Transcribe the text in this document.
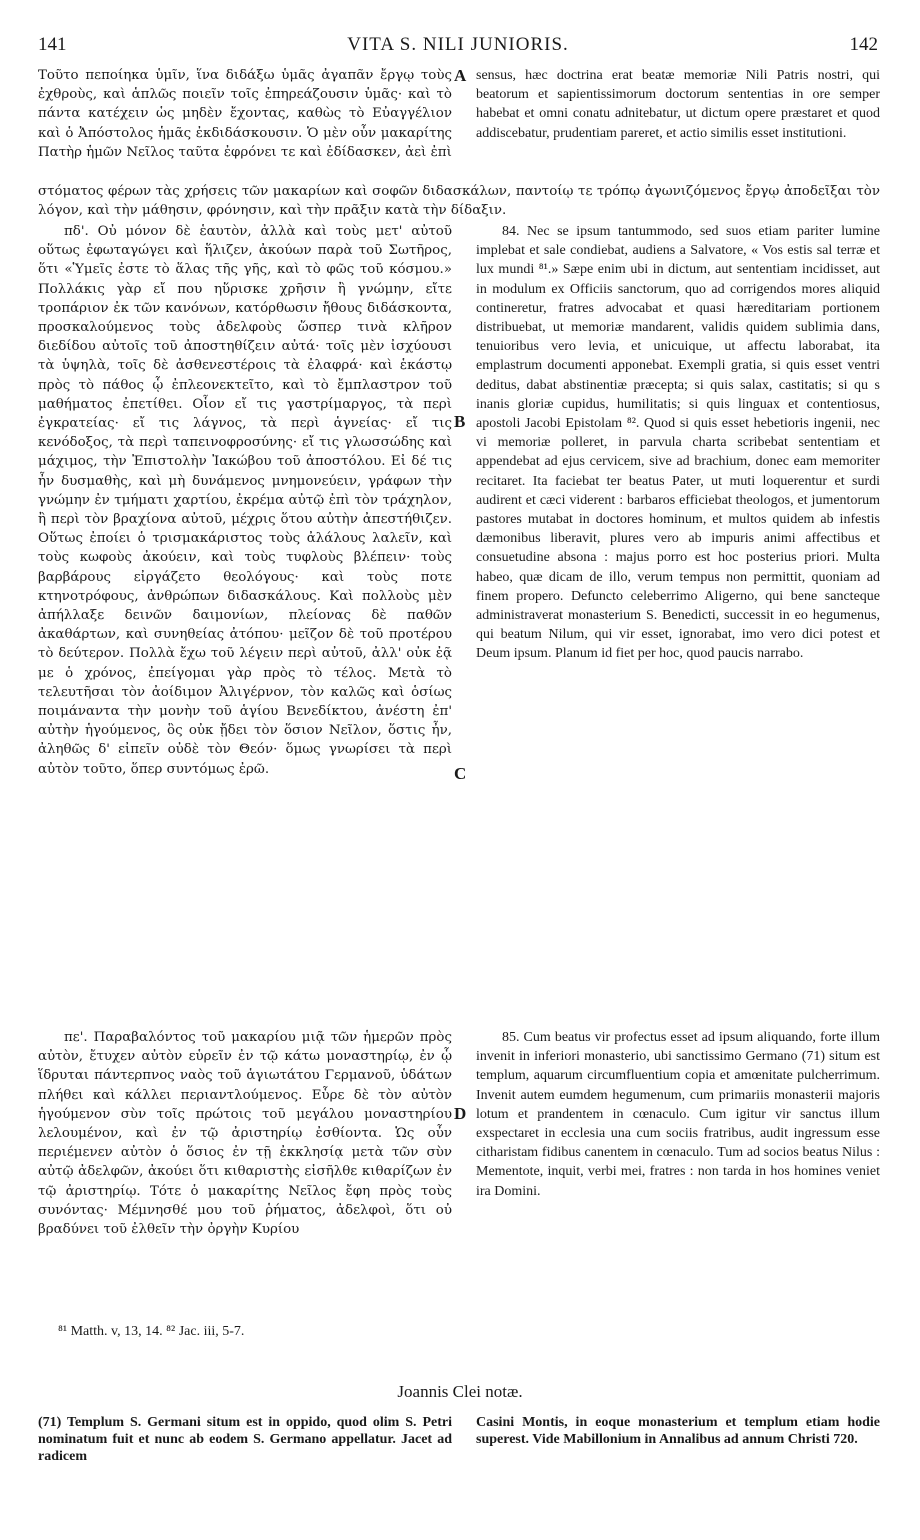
141	VITA S. NILI JUNIORIS.	142

Τοῦτο πεποίηκα ὑμῖν, ἵνα διδάξω ὑμᾶς ἀγαπᾶν ἔργῳ τοὺς ἐχθροὺς, καὶ ἁπλῶς ποιεῖν τοῖς ἐπηρεάζουσιν ὑμᾶς· καὶ τὸ πάντα κατέχειν ὡς μηδὲν ἔχοντας, καθὼς τὸ Εὐαγγέλιον καὶ ὁ Ἀπόστολος ἡμᾶς ἐκδιδάσκουσιν. Ὁ μὲν οὖν μακαρίτης Πατὴρ ἡμῶν Νεῖλος ταῦτα ἐφρόνει τε καὶ ἐδίδασκεν, ἀεὶ ἐπὶ

A sensus, hæc doctrina erat beatæ memoriæ Nili Patris nostri, qui beatorum et sapientissimorum doctorum sententias in ore semper habebat et omni conatu adnitebatur, ut dictum opere præstaret et quod addiscebatur, prudentiam pareret, et actio similis esset institutioni.

στόματος φέρων τὰς χρήσεις τῶν μακαρίων καὶ σοφῶν διδασκάλων, παντοίῳ τε τρόπῳ ἀγωνιζόμενος ἔργῳ ἀποδεῖξαι τὸν λόγον, καὶ τὴν μάθησιν, φρόνησιν, καὶ τὴν πρᾶξιν κατὰ τὴν δίδαξιν.

πδ'. Οὐ μόνον δὲ ἑαυτὸν, ἀλλὰ καὶ τοὺς μετ' αὐτοῦ οὕτως ἐφωταγώγει καὶ ἥλιζεν, ἀκούων παρὰ τοῦ Σωτῆρος, ὅτι «Ὑμεῖς ἐστε τὸ ἅλας τῆς γῆς, καὶ τὸ φῶς τοῦ κόσμου.» Πολλάκις γὰρ εἴ που ηὕρισκε χρῆσιν ἢ γνώμην, εἴτε τροπάριον ἐκ τῶν κανόνων, κατόρθωσιν ἤθους διδάσκοντα, προσκαλούμενος τοὺς ἀδελφοὺς ὥσπερ τινὰ κλῆρον διεδίδου αὐτοῖς τοῦ ἀποστηθίζειν αὐτά· τοῖς μὲν ἰσχύουσι τὰ ὑψηλὰ, τοῖς δὲ ἀσθενεστέροις τὰ ἐλαφρά· καὶ ἑκάστῳ πρὸς τὸ πάθος ᾧ ἐπλεονεκτεῖτο, καὶ τὸ ἔμπλαστρον τοῦ μαθήματος ἐπετίθει. Οἷον εἴ τις γαστρίμαργος, τὰ περὶ ἐγκρατείας· εἴ τις λάγνος, τὰ περὶ ἁγνείας· εἴ τις κενόδοξος, τὰ περὶ ταπεινοφροσύνης· εἴ τις γλωσσώδης καὶ μάχιμος, τὴν Ἐπιστολὴν Ἰακώβου τοῦ ἀποστόλου. Εἰ δέ τις ἦν δυσμαθὴς, καὶ μὴ δυνάμενος μνημονεύειν, γράφων τὴν γνώμην ἐν τμήματι χαρτίου, ἐκρέμα αὐτῷ ἐπὶ τὸν τράχηλον, ἢ περὶ τὸν βραχίονα αὐτοῦ, μέχρις ὅτου αὐτὴν ἀπεστήθιζεν. Οὕτως ἐποίει ὁ τρισμακάριστος τοὺς ἀλάλους λαλεῖν, καὶ τοὺς κωφοὺς ἀκούειν, καὶ τοὺς τυφλοὺς βλέπειν· τοὺς βαρβάρους εἰργάζετο θεολόγους· καὶ τοὺς ποτε κτηνοτρόφους, ἀνθρώπων διδασκάλους. Καὶ πολλοὺς μὲν ἀπήλλαξε δεινῶν δαιμονίων, πλείονας δὲ παθῶν ἀκαθάρτων, καὶ συνηθείας ἀτόπου· μεῖζον δὲ τοῦ προτέρου τὸ δεύτερον. Πολλὰ ἔχω τοῦ λέγειν περὶ αὐτοῦ, ἀλλ' οὐκ ἐᾷ με ὁ χρόνος, ἐπείγομαι γὰρ πρὸς τὸ τέλος. Μετὰ τὸ τελευτῆσαι τὸν ἀοίδιμον Ἀλιγέρνον, τὸν καλῶς καὶ ὁσίως ποιμάναντα τὴν μονὴν τοῦ ἁγίου Βενεδίκτου, ἀνέστη ἐπ' αὐτὴν ἡγούμενος, ὃς οὐκ ᾔδει τὸν ὅσιον Νεῖλον, ὅστις ἦν, ἀληθῶς δ' εἰπεῖν οὐδὲ τὸν Θεόν· ὅμως γνωρίσει τὰ περὶ αὐτὸν τοῦτο, ὅπερ συντόμως ἐρῶ.

B
C

84. Nec se ipsum tantummodo, sed suos etiam pariter lumine implebat et sale condiebat, audiens a Salvatore, « Vos estis sal terræ et lux mundi ⁸¹.» Sæpe enim ubi in dictum, aut sententiam incidisset, aut in modulum ex Officiis sanctorum, quo ad corrigendos mores aliquid contineretur, fratres advocabat et quasi hæreditariam portionem distribuebat, ut memoriæ mandarent, validis quidem sublimia dans, tenuioribus vero levia, et unicuique, ut affectu laborabat, ita emplastrum documenti apponebat. Exempli gratia, si quis esset ventri deditus, dabat abstinentiæ præcepta; si quis salax, castitatis; si qu s inanis gloriæ cupidus, humilitatis; si quis linguax et contentiosus, apostoli Jacobi Epistolam ⁸². Quod si quis esset hebetioris ingenii, nec vi memoriæ polleret, in parvula charta scribebat sententiam et appendebat ad ejus cervicem, sive ad brachium, donec eam memoriter recitaret. Ita faciebat ter beatus Pater, ut muti loquerentur et surdi audirent et cæci viderent : barbaros efficiebat theologos, et jumentorum pastores mutabat in doctores hominum, et multos quidem ab infestis dæmonibus liberavit, plures vero ab impuris animi affectibus et consuetudine absona : majus porro est hoc posterius priori. Multa habeo, quæ dicam de illo, verum tempus non permittit, quoniam ad finem propero. Defuncto celeberrimo Aligerno, qui bene sancteque administraverat monasterium S. Benedicti, successit in eo hegumenus, qui beatum Nilum, qui vir esset, ignorabat, imo vero dici potest et Deum ipsum. Planum id fiet per hoc, quod paucis narrabo.

πε'. Παραβαλόντος τοῦ μακαρίου μιᾷ τῶν ἡμερῶν πρὸς αὐτὸν, ἔτυχεν αὐτὸν εὑρεῖν ἐν τῷ κάτω μοναστηρίῳ, ἐν ᾧ ἵδρυται πάντερπνος ναὸς τοῦ ἁγιωτάτου Γερμανοῦ, ὑδάτων πλήθει καὶ κάλλει περιαντλούμενος. Εὗρε δὲ τὸν αὐτὸν ἡγούμενον σὺν τοῖς πρώτοις τοῦ μεγάλου μοναστηρίου λελουμένον, καὶ ἐν τῷ ἀριστηρίῳ ἐσθίοντα. Ὡς οὖν περιέμενεν αὐτὸν ὁ ὅσιος ἐν τῇ ἐκκλησίᾳ μετὰ τῶν σὺν αὐτῷ ἀδελφῶν, ἀκούει ὅτι κιθαριστὴς εἰσῆλθε κιθαρίζων ἐν τῷ ἀριστηρίῳ. Τότε ὁ μακαρίτης Νεῖλος ἔφη πρὸς τοὺς συνόντας· Μέμνησθέ μου τοῦ ῥήματος, ἀδελφοὶ, ὅτι οὐ βραδύνει τοῦ ἐλθεῖν τὴν ὀργὴν Κυρίου

D

85. Cum beatus vir profectus esset ad ipsum aliquando, forte illum invenit in inferiori monasterio, ubi sanctissimo Germano (71) situm est templum, aquarum circumfluentium copia et amœnitate pulcherrimum. Invenit autem eumdem hegumenum, cum primariis monasterii majoris lotum et prandentem in cœnaculo. Cum igitur vir sanctus illum exspectaret in ecclesia una cum sociis fratribus, audit ingressum esse citharistam fidibus canentem in cœnaculo. Tum ad socios beatus Nilus : Mementote, inquit, verbi mei, fratres : non tarda in hos homines veniet ira Domini.

⁸¹ Matth. v, 13, 14. ⁸² Jac. iii, 5-7.
Joannis Clei notæ.
(71) Templum S. Germani situm est in oppido, quod olim S. Petri nominatum fuit et nunc ab eodem S. Germano appellatur. Jacet ad radicem
Casini Montis, in eoque monasterium et templum etiam hodie superest. Vide Mabillonium in Annalibus ad annum Christi 720.
